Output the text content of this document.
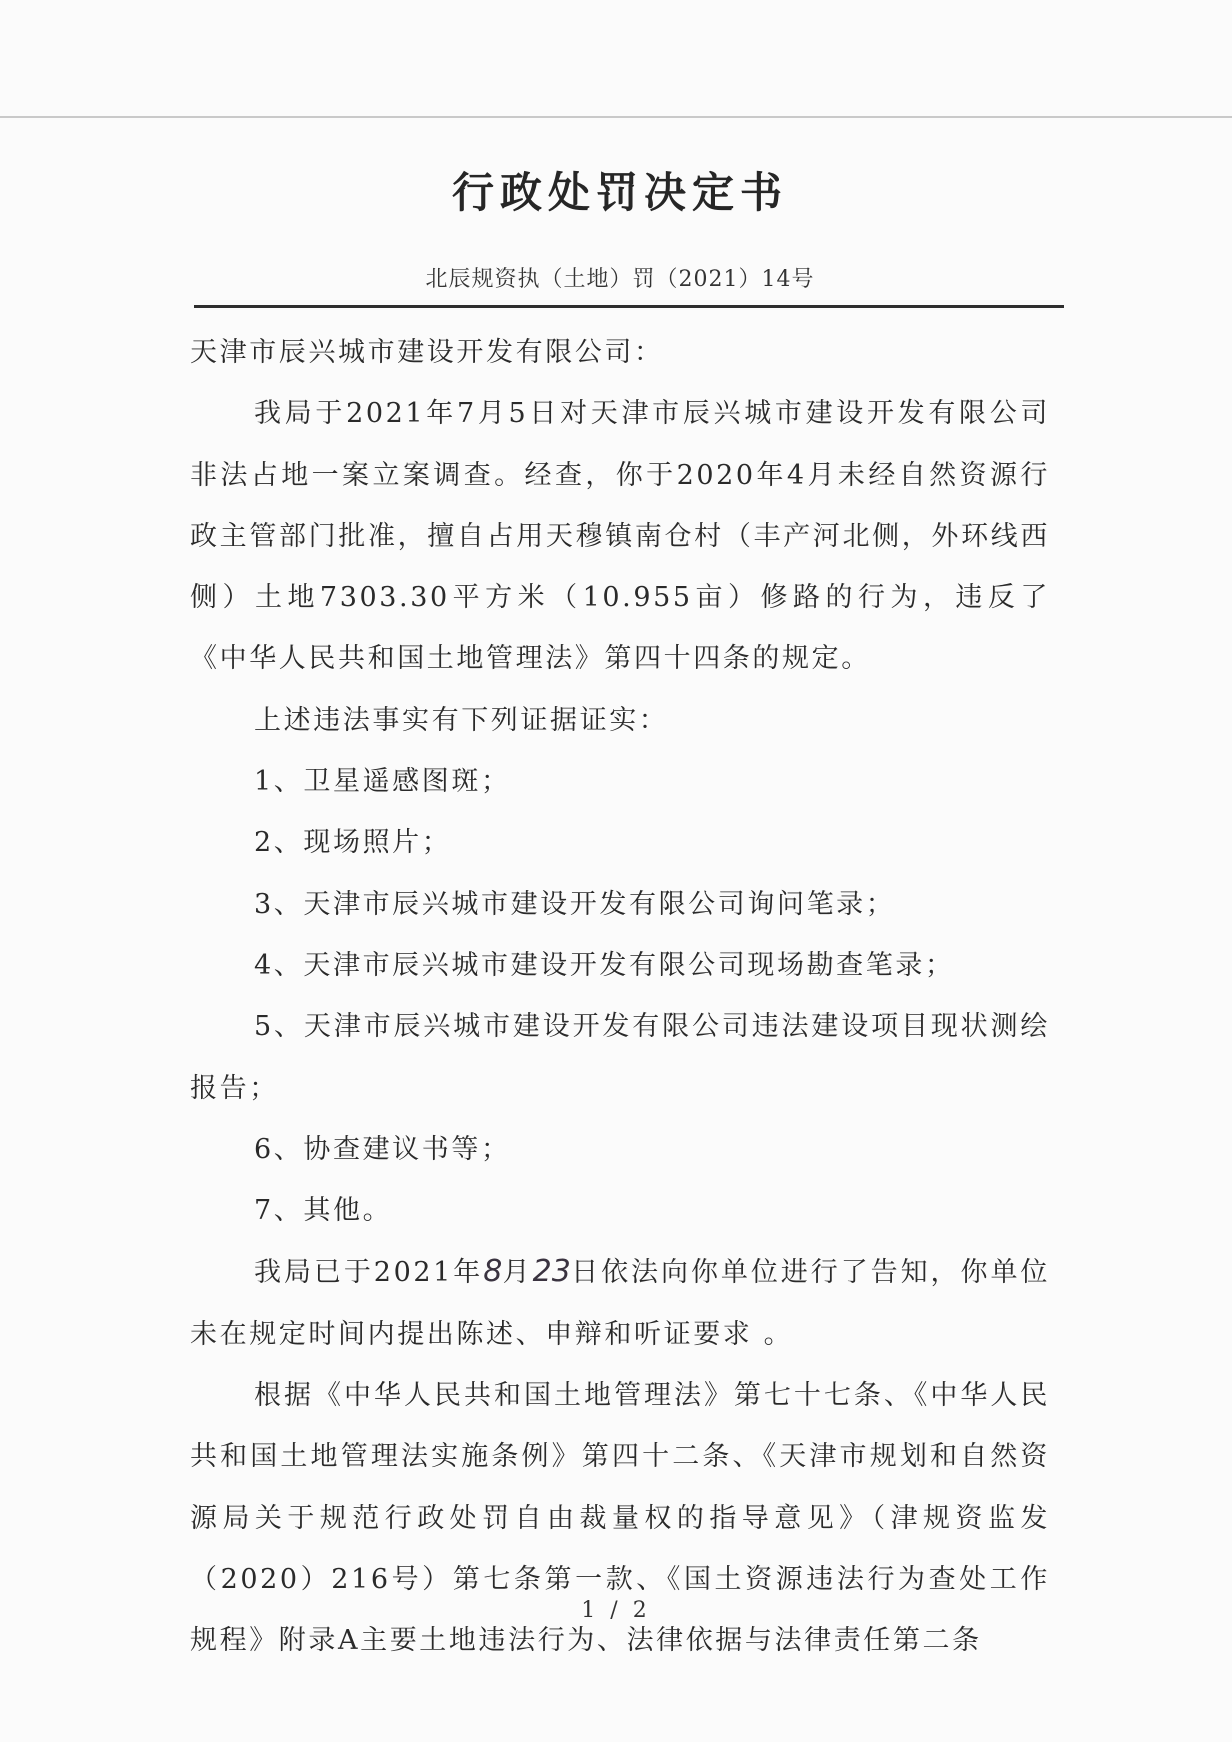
行政处罚决定书
北辰规资执（土地）罚（2021）14号

天津市辰兴城市建设开发有限公司：

我局于2021年7月5日对天津市辰兴城市建设开发有限公司非法占地一案立案调查。经查，你于2020年4月未经自然资源行政主管部门批准，擅自占用天穆镇南仓村（丰产河北侧，外环线西侧）土地7303.30平方米（10.955亩）修路的行为，违反了《中华人民共和国土地管理法》第四十四条的规定。

上述违法事实有下列证据证实：

1、卫星遥感图斑；

2、现场照片；

3、天津市辰兴城市建设开发有限公司询问笔录；

4、天津市辰兴城市建设开发有限公司现场勘查笔录；

5、天津市辰兴城市建设开发有限公司违法建设项目现状测绘报告；

6、协查建议书等；

7、其他。

我局已于2021年8月23日依法向你单位进行了告知，你单位未在规定时间内提出陈述、申辩和听证要求 。

根据《中华人民共和国土地管理法》第七十七条、《中华人民共和国土地管理法实施条例》第四十二条、《天津市规划和自然资源局关于规范行政处罚自由裁量权的指导意见》（津规资监发（2020）216号）第七条第一款、《国土资源违法行为查处工作规程》附录A主要土地违法行为、法律依据与法律责任第二条

1 / 2
